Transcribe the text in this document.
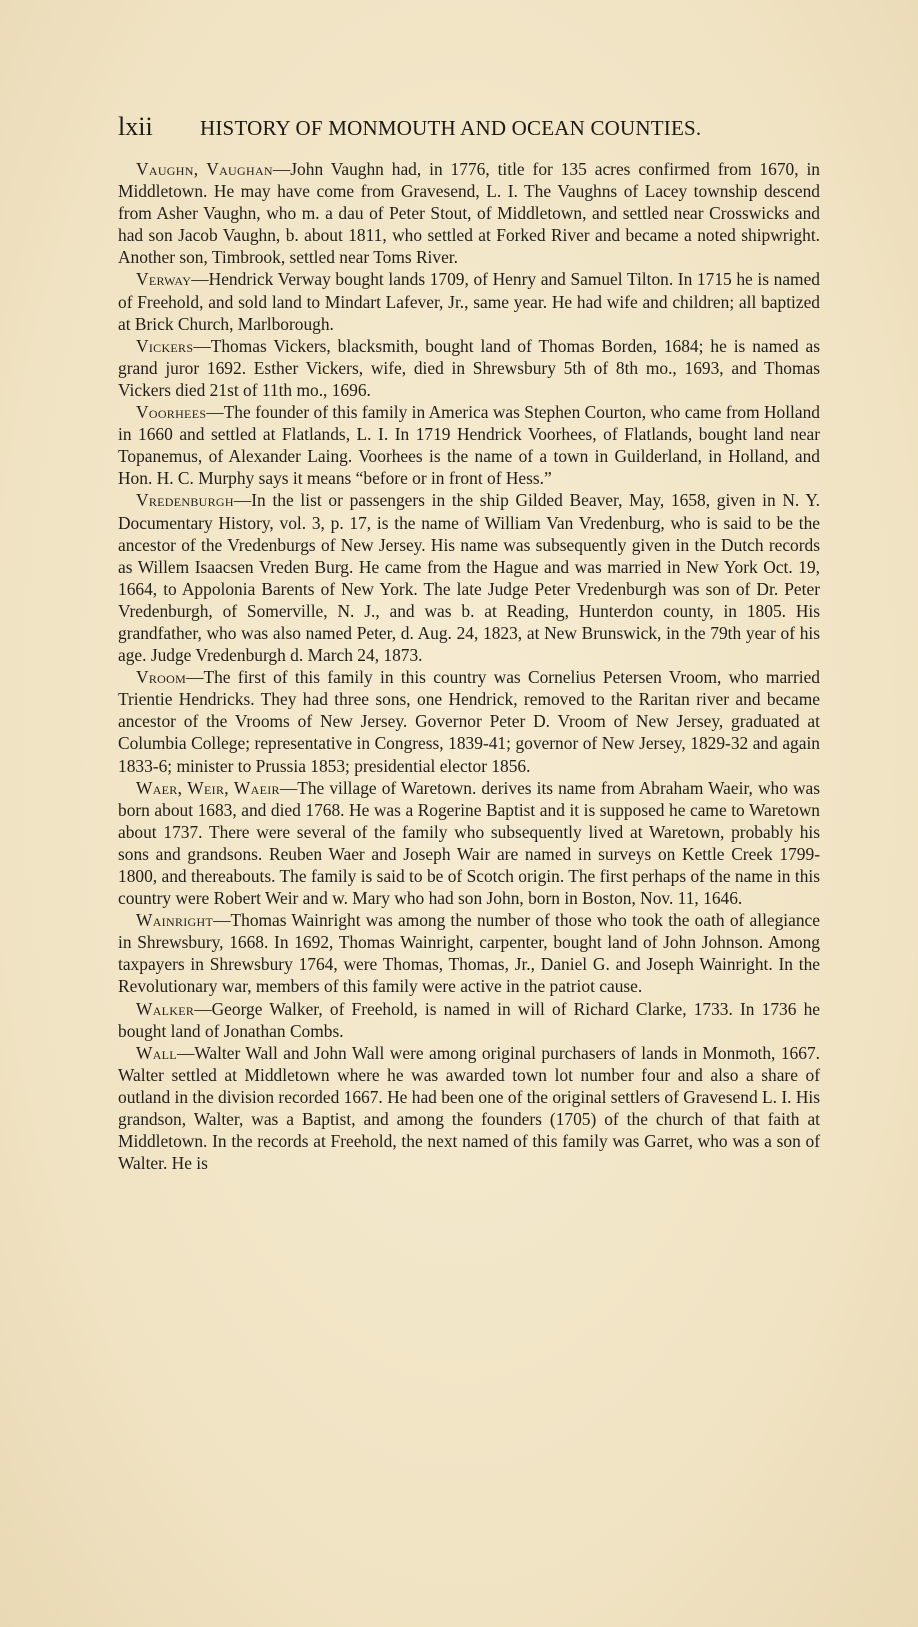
lxii HISTORY OF MONMOUTH AND OCEAN COUNTIES.

Vaughn, Vaughan—John Vaughn had, in 1776, title for 135 acres confirmed from 1670, in Middletown. He may have come from Gravesend, L. I. The Vaughns of Lacey township descend from Asher Vaughn, who m. a dau of Peter Stout, of Middletown, and settled near Crosswicks and had son Jacob Vaughn, b. about 1811, who settled at Forked River and became a noted shipwright. Another son, Timbrook, settled near Toms River.

Verway—Hendrick Verway bought lands 1709, of Henry and Samuel Tilton. In 1715 he is named of Freehold, and sold land to Mindart Lafever, Jr., same year. He had wife and children; all baptized at Brick Church, Marlborough.

Vickers—Thomas Vickers, blacksmith, bought land of Thomas Borden, 1684; he is named as grand juror 1692. Esther Vickers, wife, died in Shrewsbury 5th of 8th mo., 1693, and Thomas Vickers died 21st of 11th mo., 1696.

Voorhees—The founder of this family in America was Stephen Courton, who came from Holland in 1660 and settled at Flatlands, L. I. In 1719 Hendrick Voorhees, of Flatlands, bought land near Topanemus, of Alexander Laing. Voorhees is the name of a town in Guilderland, in Holland, and Hon. H. C. Murphy says it means “before or in front of Hess.”

Vredenburgh—In the list or passengers in the ship Gilded Beaver, May, 1658, given in N. Y. Documentary History, vol. 3, p. 17, is the name of William Van Vredenburg, who is said to be the ancestor of the Vredenburgs of New Jersey. His name was subsequently given in the Dutch records as Willem Isaacsen Vreden Burg. He came from the Hague and was married in New York Oct. 19, 1664, to Appolonia Barents of New York. The late Judge Peter Vredenburgh was son of Dr. Peter Vredenburgh, of Somerville, N. J., and was b. at Reading, Hunterdon county, in 1805. His grandfather, who was also named Peter, d. Aug. 24, 1823, at New Brunswick, in the 79th year of his age. Judge Vredenburgh d. March 24, 1873.

Vroom—The first of this family in this country was Cornelius Petersen Vroom, who married Trientie Hendricks. They had three sons, one Hendrick, removed to the Raritan river and became ancestor of the Vrooms of New Jersey. Governor Peter D. Vroom of New Jersey, graduated at Columbia College; representative in Congress, 1839-41; governor of New Jersey, 1829-32 and again 1833-6; minister to Prussia 1853; presidential elector 1856.

Waer, Weir, Waeir—The village of Waretown. derives its name from Abraham Waeir, who was born about 1683, and died 1768. He was a Rogerine Baptist and it is supposed he came to Waretown about 1737. There were several of the family who subsequently lived at Waretown, probably his sons and grandsons. Reuben Waer and Joseph Wair are named in surveys on Kettle Creek 1799-1800, and thereabouts. The family is said to be of Scotch origin. The first perhaps of the name in this country were Robert Weir and w. Mary who had son John, born in Boston, Nov. 11, 1646.

Wainright—Thomas Wainright was among the number of those who took the oath of allegiance in Shrewsbury, 1668. In 1692, Thomas Wainright, carpenter, bought land of John Johnson. Among taxpayers in Shrewsbury 1764, were Thomas, Thomas, Jr., Daniel G. and Joseph Wainright. In the Revolutionary war, members of this family were active in the patriot cause.

Walker—George Walker, of Freehold, is named in will of Richard Clarke, 1733. In 1736 he bought land of Jonathan Combs.

Wall—Walter Wall and John Wall were among original purchasers of lands in Monmoth, 1667. Walter settled at Middletown where he was awarded town lot number four and also a share of outland in the division recorded 1667. He had been one of the original settlers of Gravesend L. I. His grandson, Walter, was a Baptist, and among the founders (1705) of the church of that faith at Middletown. In the records at Freehold, the next named of this family was Garret, who was a son of Walter. He is
